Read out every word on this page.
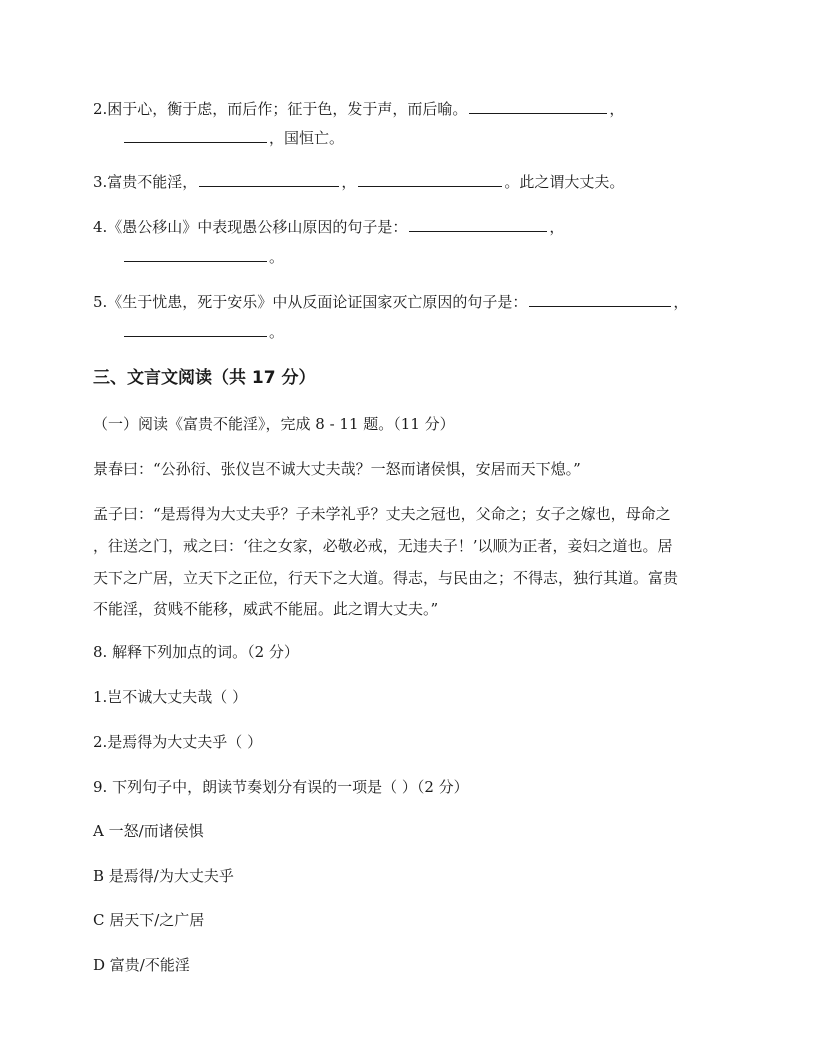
2.困于心，衡于虑，而后作；征于色，发于声，而后喻。	，
，国恒亡。
3.富贵不能淫，	，	。此之谓大丈夫。
4.《愚公移山》中表现愚公移山原因的句子是：	，
。
5.《生于忧患，死于安乐》中从反面论证国家灭亡原因的句子是：	，
。
三、文言文阅读（共 17 分）
（一）阅读《富贵不能淫》，完成 8 - 11 题。（11 分）
景春曰：“公孙衍、张仪岂不诚大丈夫哉？一怒而诸侯惧，安居而天下熄。”
孟子曰：“是焉得为大丈夫乎？子未学礼乎？丈夫之冠也，父命之；女子之嫁也，母命之
，往送之门，戒之曰：‘往之女家，必敬必戒，无违夫子！’以顺为正者，妾妇之道也。居
天下之广居，立天下之正位，行天下之大道。得志，与民由之；不得志，独行其道。富贵
不能淫，贫贱不能移，威武不能屈。此之谓大丈夫。”
8. 解释下列加点的词。（2 分）
1.岂不诚大丈夫哉（ ）
2.是焉得为大丈夫乎（ ）
9. 下列句子中，朗读节奏划分有误的一项是（ ）（2 分）
A 一怒/而诸侯惧
B 是焉得/为大丈夫乎
C 居天下/之广居
D 富贵/不能淫
